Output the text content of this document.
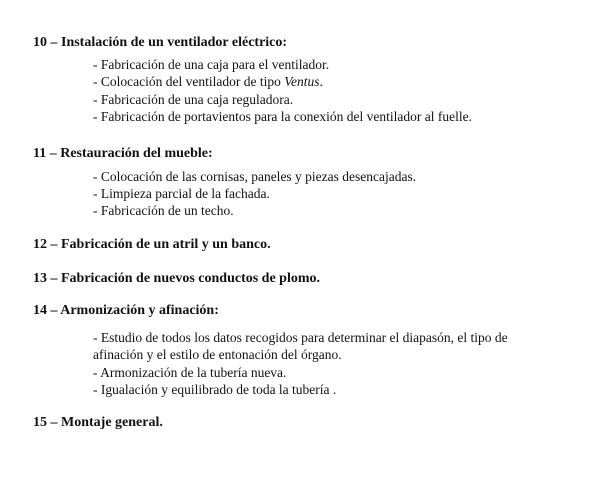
10 – Instalación de un ventilador eléctrico:
- Fabricación de una caja para el ventilador.
- Colocación del ventilador de tipo Ventus.
- Fabricación de una caja reguladora.
- Fabricación de portavientos para la conexión del ventilador al fuelle.
11 – Restauración del mueble:
- Colocación de las cornisas, paneles y piezas desencajadas.
- Limpieza parcial de la fachada.
- Fabricación de un techo.
12 – Fabricación de un atril y un banco.
13 – Fabricación de nuevos conductos de plomo.
14 – Armonización y afinación:
- Estudio de todos los datos recogidos para determinar el diapasón, el tipo de
afinación y el estilo de entonación del órgano.
- Armonización de la tubería nueva.
- Igualación y equilibrado de toda la tubería .
15 – Montaje general.
